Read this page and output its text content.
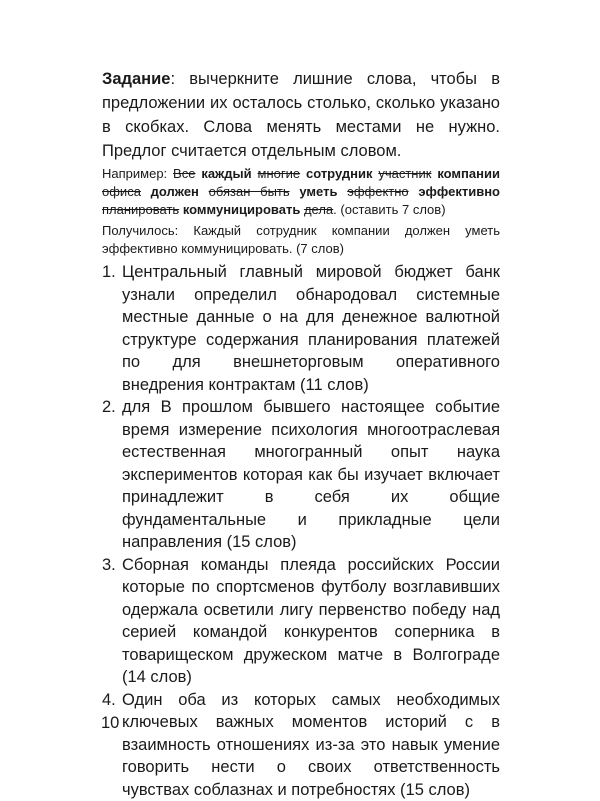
Задание: вычеркните лишние слова, чтобы в предложении их осталось столько, сколько указано в скобках. Слова менять местами не нужно. Предлог считается отдельным словом.

Например: Все каждый многие сотрудник участник компании офиса должен обязан быть уметь эффектно эффективно планировать коммуницировать дела. (оставить 7 слов)

Получилось: Каждый сотрудник компании должен уметь эффективно коммуницировать. (7 слов)

1. Центральный главный мировой бюджет банк узнали определил обнародовал системные местные данные о на для денежное валютной структуре содержания планирования платежей по для внешнеторговым оперативного внедрения контрактам (11 слов)
2. для В прошлом бывшего настоящее событие время измерение психология многоотраслевая естественная многогранный опыт наука экспериментов которая как бы изучает включает принадлежит в себя их общие фундаментальные и прикладные цели направления (15 слов)
3. Сборная команды плеяда российских России которые по спортсменов футболу возглавивших одержала осветили лигу первенство победу над серией командой конкурентов соперника в товарищеском дружеском матче в Волгограде (14 слов)
4. Один оба из которых самых необходимых ключевых важных моментов историй с в взаимность отношениях из-за это навык умение говорить нести о своих ответственность чувствах соблазнах и потребностях (15 слов)
10
